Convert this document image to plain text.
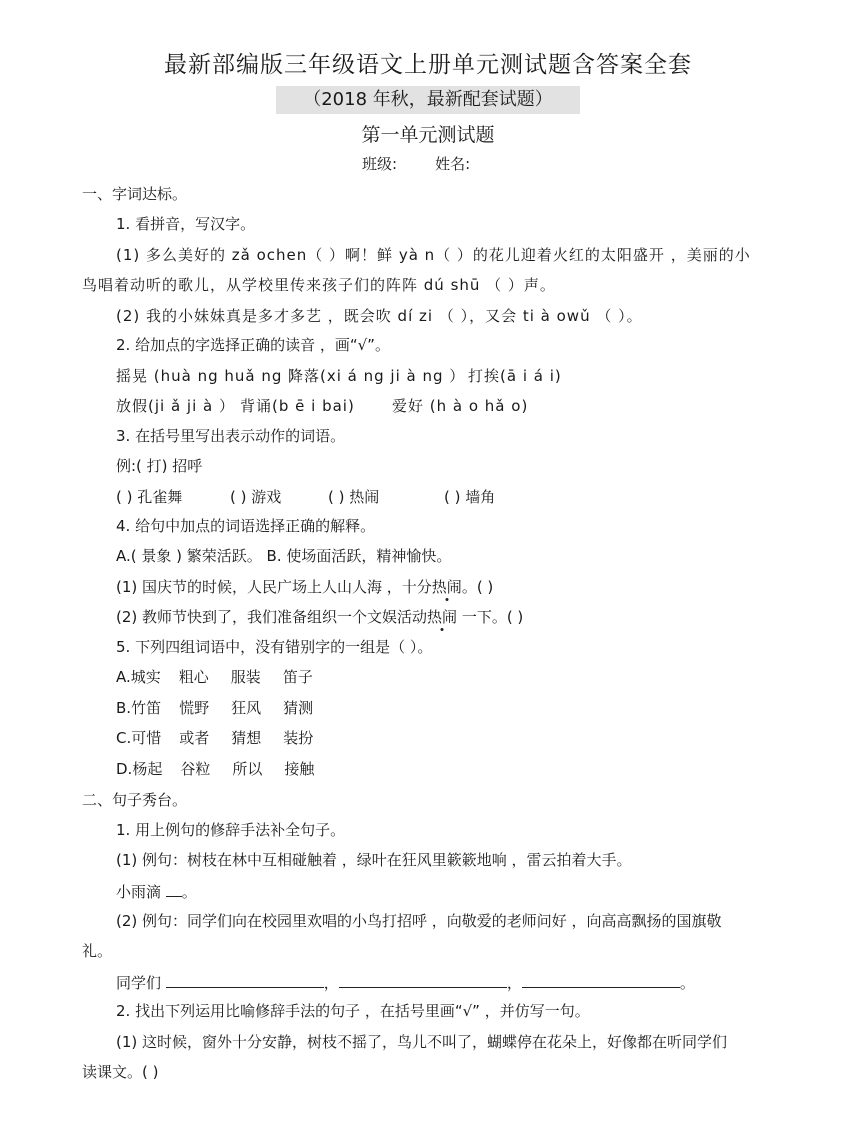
最新部编版三年级语文上册单元测试题含答案全套
（2018 年秋，最新配套试题）
第一单元测试题
班级:	姓名:
一、字词达标。
1. 看拼音，写汉字。
(1) 多么美好的 zǎ ochen（ ）啊！鲜 yà n（ ）的花儿迎着火红的太阳盛开 ，美丽的小
鸟唱着动听的歌儿，从学校里传来孩子们的阵阵 dú shū （ ）声。
(2) 我的小妹妹真是多才多艺 ，既会吹 dí zi （ ），又会 ti à owǔ （ ）。
2. 给加点的字选择正确的读音 ，画“√”。
摇晃 (huà ng huǎ ng ）
降落(xi á ng ji à ng ） 打挨(ā i á i)
放假(ji ǎ ji à ） 背诵(b ē i bai) 爱好 (h à o hǎ o)
3. 在括号里写出表示动作的词语。
例:( 打) 招呼
( ) 孔雀舞	( ) 游戏	( ) 热闹	( ) 墙角
4. 给句中加点的词语选择正确的解释。
A.( 景象 ) 繁荣活跃。 B. 使场面活跃，精神愉快。
(1) 国庆节的时候，人民广场上人山人海 ，十分热闹。( )
(2) 教师节快到了，我们准备组织一个文娱活动热闹 一下。( )
5. 下列四组词语中，没有错别字的一组是（ ）。
A.城实 粗心 服装 笛子
B.竹笛 慌野 狂风 猜测
C.可惜 或者 猜想 装扮
D.杨起 谷粒 所以 接触
二、句子秀台。
1. 用上例句的修辞手法补全句子。
(1) 例句：树枝在林中互相碰触着 ，绿叶在狂风里簌簌地响 ，雷云拍着大手。
小雨滴 。
(2) 例句：同学们向在校园里欢唱的小鸟打招呼 ，向敬爱的老师问好 ，向高高飘扬的国旗敬
礼。
同学们	，	，	。
2. 找出下列运用比喻修辞手法的句子 ，在括号里画“√” ，并仿写一句。
(1) 这时候，窗外十分安静，树枝不摇了，鸟儿不叫了，蝴蝶停在花朵上，好像都在听同学们
读课文。( )
